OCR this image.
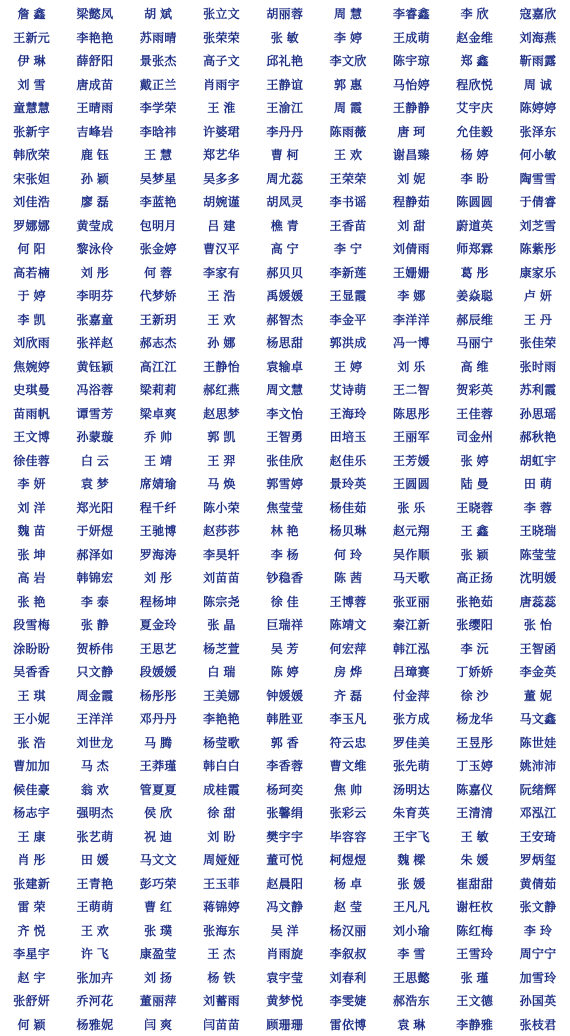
詹 鑫	梁懿凤	胡 斌	张立文	胡丽蓉	周 慧	李睿鑫	李 欣	寇嘉欣
王新元	李艳艳	苏雨晴	张荣荣	张 敏	李 婷	王成萌	赵金维	刘海燕
伊 琳	薛舒阳	景张杰	高子文	邱礼艳	李文欣	陈宇琼	郑 鑫	靳雨露
刘 雪	唐成苗	戴正兰	肖雨宇	王静谊	郭 惠	马怡婷	程欣悦	周 诚
童慧慧	王晴雨	李学荣	王 淮	王渝江	周 霞	王静静	艾宇庆	陈婷婷
张新宇	吉峰岩	李晗祎	许婆珺	李丹丹	陈雨薇	唐 珂	允佳毅	张泽东
韩欣荣	鹿 钰	王 慧	郑艺华	曹 柯	王 欢	谢昌臻	杨 婷	何小敏
宋张妲	孙 颖	吴梦星	吴多多	周尤蕊	王荣荣	刘 妮	李 盼	陶雪雪
刘佳浩	廖 磊	李蓝艳	胡婉谨	胡凤灵	李书谣	程静茹	陈圆圆	于倩睿
罗娜娜	黄莹成	包明月	吕 建	樵 青	王香苗	刘 甜	蔚道英	刘芝雪
何 阳	黎泳伶	张金婷	曹汉平	高 宁	李 宁	刘倩雨	师郑霖	陈紫彤
高若楠	刘 彤	何 蓉	李家有	郝贝贝	李新莲	王姗姗	葛 彤	康家乐
于 婷	李明芬	代梦娇	王 浩	禹媛媛	王显霞	李 娜	姜焱聪	卢 妍
李 凯	张嘉童	王新玥	王 欢	郝智杰	李金平	李洋洋	郝辰维	王 丹
刘欣雨	张祥赵	郝志杰	孙 娜	杨思甜	郭洪成	冯一博	马丽宁	张佳荣
焦婉婷	黄钰颖	高江江	王静怡	袁输卓	王 婷	刘 乐	高 维	张时雨
史琪曼	冯浴蓉	梁莉莉	郝红燕	周文慧	艾诗萌	王二智	贺彩英	苏利霞
苗雨帆	谭雪芳	梁卓爽	赵思梦	李文怡	王海玲	陈思彤	王佳蓉	孙思瑶
王文博	孙蒙璇	乔 帅	郭 凯	王智勇	田培玉	王丽军	司金州	郝秋艳
徐佳蓉	白 云	王 靖	王 羿	张佳欣	赵佳乐	王芳媛	张 婷	胡虹宇
李 妍	袁 梦	席婧瑜	马 焕	郭雪婷	景玲英	王圆圆	陆 曼	田 萌
刘 洋	郑光阳	程千纤	陈小荣	焦莹莹	杨佳茹	张 乐	王晓蓉	李 蓉
魏 苗	于妍煜	王驰博	赵莎莎	林 艳	杨贝琳	赵元翔	王 鑫	王晓瑞
张 坤	郝泽如	罗海涛	李昊轩	李 杨	何 玲	吴作顺	张 颖	陈莹莹
高 岩	韩锦宏	刘 彤	刘苗苗	钞稳香	陈 茜	马天歌	高正扬	沈明媛
张 艳	李 泰	程杨坤	陈宗尧	徐 佳	王博蓉	张亚丽	张艳茹	唐蕊蕊
段雪梅	张 静	夏金玲	张 晶	巨瑞祥	陈靖文	秦江新	张缨阳	张 怡
涂盼盼	贺桥伟	王思艺	杨芝萱	吴 芳	何宏萍	韩江泓	李 沅	王智函
吴香香	只文静	段媛媛	白 瑞	陈 婷	房 烨	吕璋赛	丁娇娇	李金英
王 琪	周金霞	杨彤彤	王美娜	钟媛媛	齐 磊	付金萍	徐 沙	董 妮
王小妮	王洋洋	邓丹丹	李艳艳	韩胜亚	李玉凡	张方成	杨龙华	马文鑫
张 浩	刘世龙	马 腾	杨莹歌	郭 香	符云忠	罗佳美	王昱彤	陈世娃
曹加加	马 杰	王莽瑾	韩白白	李香蓉	曹文维	张先萌	丁玉婷	姚沛沛
候佳豪	翁 欢	管夏夏	成桂霞	杨珂奕	焦 帅	汤明达	陈嘉仪	阮绪辉
杨志宇	强明杰	侯 欣	徐 甜	张馨绢	张彩云	朱育英	王清清	邓泓江
王 康	张艺萌	祝 迪	刘 盼	樊宇宇	毕容容	王宇飞	王 敏	王安琦
肖 彤	田 媛	马文文	周娅娅	董可悦	柯煜煜	魏 樑	朱 媛	罗炳玺
张建新	王青艳	彭巧荣	王玉菲	赵晨阳	杨 卓	张 媛	崔甜甜	黄倩茹
雷 荣	王萌萌	曹 红	蒋锦婷	冯文静	赵 莹	王凡凡	谢枉枚	张文静
齐 悦	王 欢	张 璞	张海东	吴 洋	杨汉丽	刘小瑜	陈红梅	李 玲
李星宇	许 飞	康盈莹	王 杰	肖雨旋	李叙叔	李 雪	王雪玲	周宁宁
赵 宇	张加卉	刘 扬	杨 铁	袁宇莹	刘春利	王思懿	张 瑾	加雪玲
张舒妍	乔河花	董丽萍	刘蓄雨	黄梦悦	李雯婕	郝浩东	王文德	孙国英
何 颖	杨雅妮	闫 爽	闫苗苗	顾珊珊	雷依博	袁 琳	李静雅	张枝君
